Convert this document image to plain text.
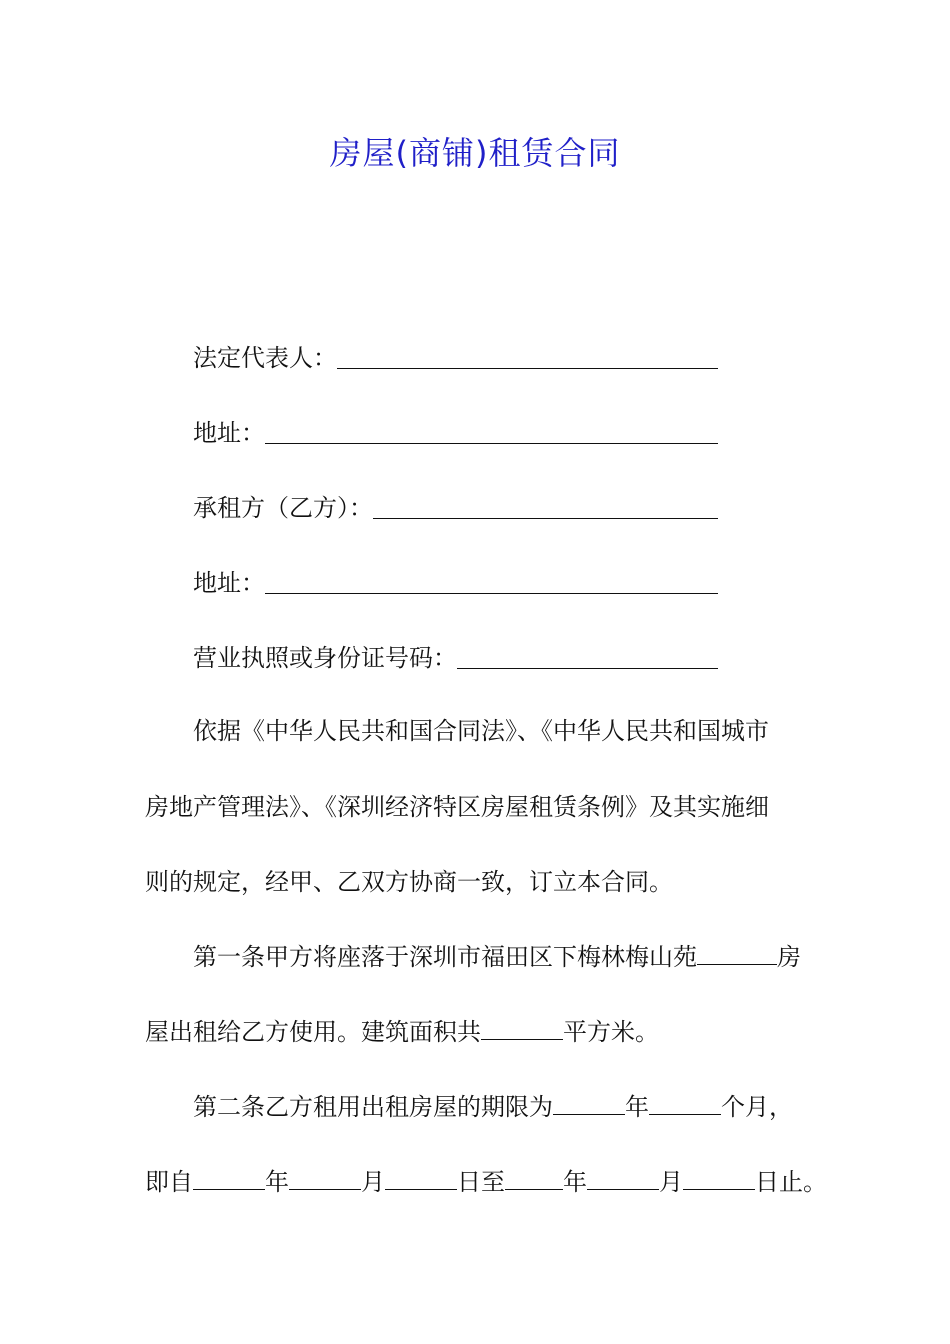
房屋(商铺)租赁合同
法定代表人：
地址：
承租方（乙方）：
地址：
营业执照或身份证号码：
依据《中华人民共和国合同法》、《中华人民共和国城市
房地产管理法》、《深圳经济特区房屋租赁条例》及其实施细
则的规定，经甲、乙双方协商一致，订立本合同。
第一条甲方将座落于深圳市福田区下梅林梅山苑	房
屋出租给乙方使用。建筑面积共	平方米。
第二条乙方租用出租房屋的期限为	年	个月，
即自	年	月	日至 年	月	日止。
